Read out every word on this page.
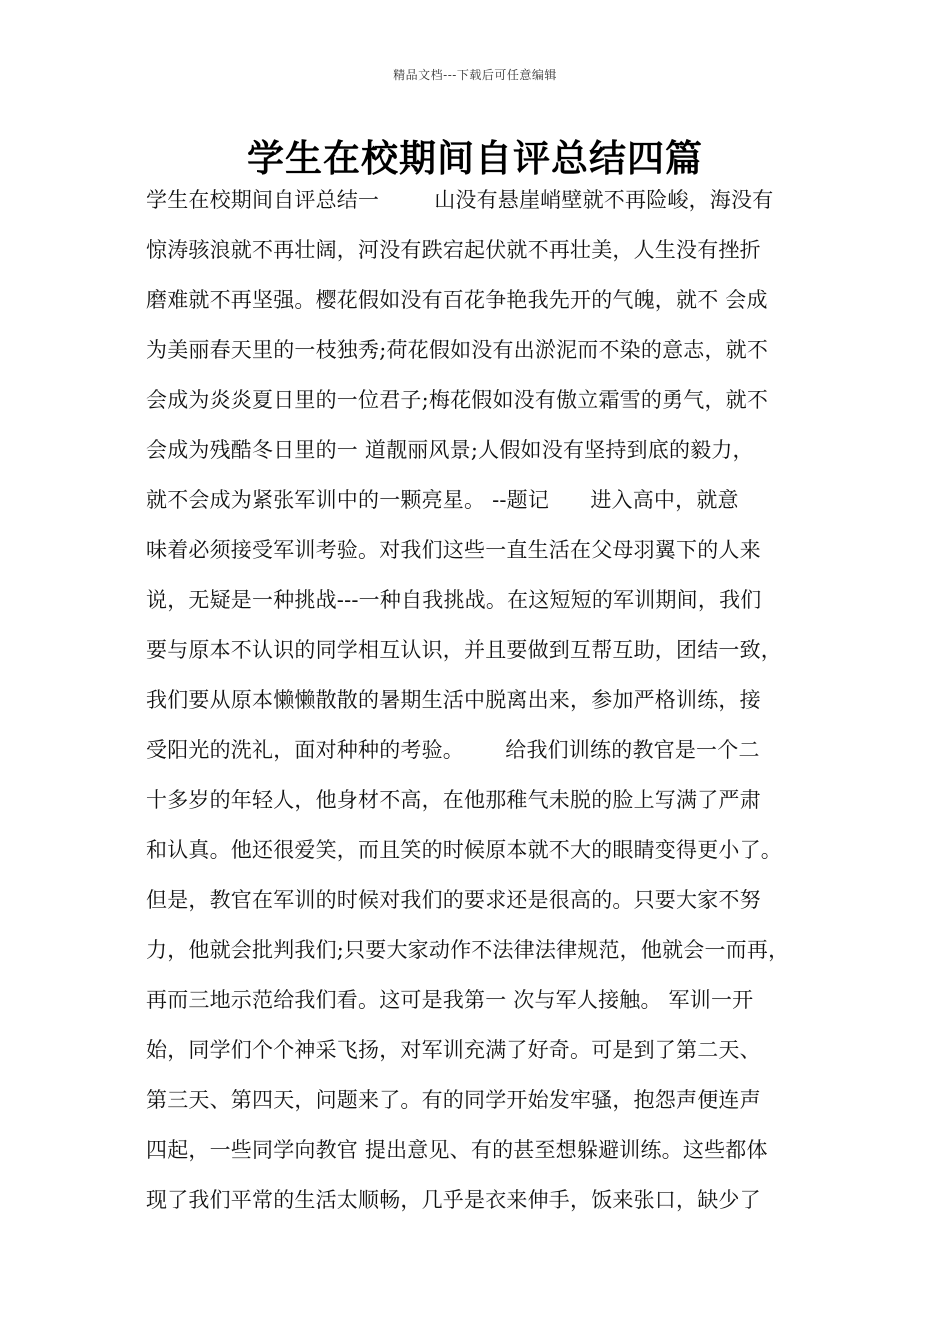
精品文档---下载后可任意编辑
学生在校期间自评总结四篇
学生在校期间自评总结一        山没有悬崖峭壁就不再险峻，海没有
惊涛骇浪就不再壮阔，河没有跌宕起伏就不再壮美，人生没有挫折
磨难就不再坚强。樱花假如没有百花争艳我先开的气魄，就不 会成
为美丽春天里的一枝独秀;荷花假如没有出淤泥而不染的意志，就不
会成为炎炎夏日里的一位君子;梅花假如没有傲立霜雪的勇气，就不
会成为残酷冬日里的一 道靓丽风景;人假如没有坚持到底的毅力，
就不会成为紧张军训中的一颗亮星。 --题记      进入高中，就意
味着必须接受军训考验。对我们这些一直生活在父母羽翼下的人来
说，无疑是一种挑战---一种自我挑战。在这短短的军训期间，我们
要与原本不认识的同学相互认识，并且要做到互帮互助，团结一致，
我们要从原本懒懒散散的暑期生活中脱离出来，参加严格训练，接
受阳光的洗礼，面对种种的考验。      给我们训练的教官是一个二
十多岁的年轻人，他身材不高，在他那稚气未脱的脸上写满了严肃
和认真。他还很爱笑，而且笑的时候原本就不大的眼睛变得更小了。
但是，教官在军训的时候对我们的要求还是很高的。只要大家不努
力，他就会批判我们;只要大家动作不法律法律规范，他就会一而再，
再而三地示范给我们看。这可是我第一 次与军人接触。 军训一开
始，同学们个个神采飞扬，对军训充满了好奇。可是到了第二天、
第三天、第四天，问题来了。有的同学开始发牢骚，抱怨声便连声
四起，一些同学向教官 提出意见、有的甚至想躲避训练。这些都体
现了我们平常的生活太顺畅，几乎是衣来伸手，饭来张口，缺少了
